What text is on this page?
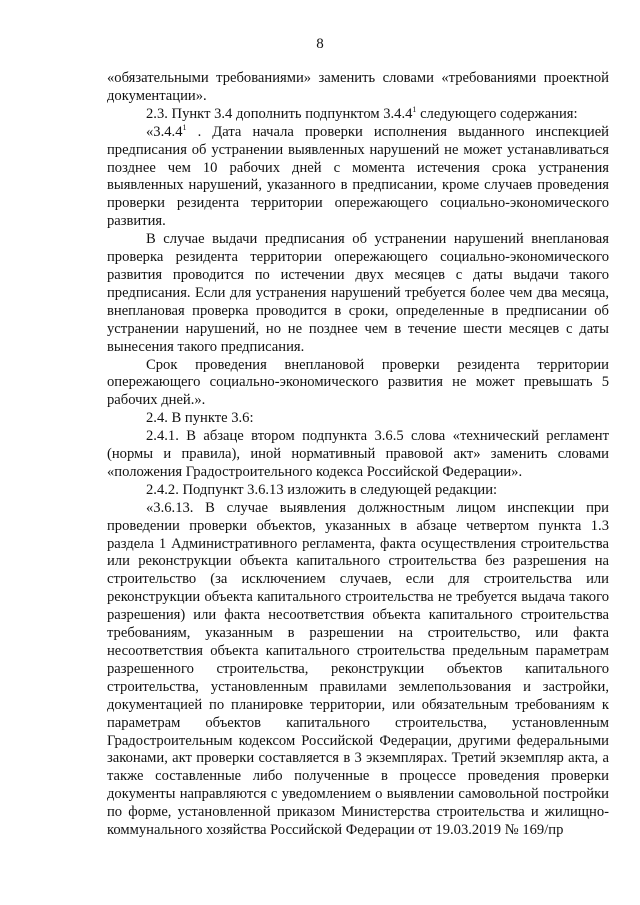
8

«обязательными требованиями» заменить словами «требованиями проектной документации».

2.3. Пункт 3.4 дополнить подпунктом 3.4.4$^1$ следующего содержания:

«3.4.4$^1$ . Дата начала проверки исполнения выданного инспекцией предписания об устранении выявленных нарушений не может устанавливаться позднее чем 10 рабочих дней с момента истечения срока устранения выявленных нарушений, указанного в предписании, кроме случаев проведения проверки резидента территории опережающего социально-экономического развития.

В случае выдачи предписания об устранении нарушений внеплановая проверка резидента территории опережающего социально-экономического развития проводится по истечении двух месяцев с даты выдачи такого предписания. Если для устранения нарушений требуется более чем два месяца, внеплановая проверка проводится в сроки, определенные в предписании об устранении нарушений, но не позднее чем в течение шести месяцев с даты вынесения такого предписания.

Срок проведения внеплановой проверки резидента территории опережающего социально-экономического развития не может превышать 5 рабочих дней.».

2.4. В пункте 3.6:

2.4.1. В абзаце втором подпункта 3.6.5 слова «технический регламент (нормы и правила), иной нормативный правовой акт» заменить словами «положения Градостроительного кодекса Российской Федерации».

2.4.2. Подпункт 3.6.13 изложить в следующей редакции:

«3.6.13. В случае выявления должностным лицом инспекции при проведении проверки объектов, указанных в абзаце четвертом пункта 1.3 раздела 1 Административного регламента, факта осуществления строительства или реконструкции объекта капитального строительства без разрешения на строительство (за исключением случаев, если для строительства или реконструкции объекта капитального строительства не требуется выдача такого разрешения) или факта несоответствия объекта капитального строительства требованиям, указанным в разрешении на строительство, или факта несоответствия объекта капитального строительства предельным параметрам разрешенного строительства, реконструкции объектов капитального строительства, установленным правилами землепользования и застройки, документацией по планировке территории, или обязательным требованиям к параметрам объектов капитального строительства, установленным Градостроительным кодексом Российской Федерации, другими федеральными законами, акт проверки составляется в 3 экземплярах. Третий экземпляр акта, а также составленные либо полученные в процессе проведения проверки документы направляются с уведомлением о выявлении самовольной постройки по форме, установленной приказом Министерства строительства и жилищно-коммунального хозяйства Российской Федерации от 19.03.2019 № 169/пр
